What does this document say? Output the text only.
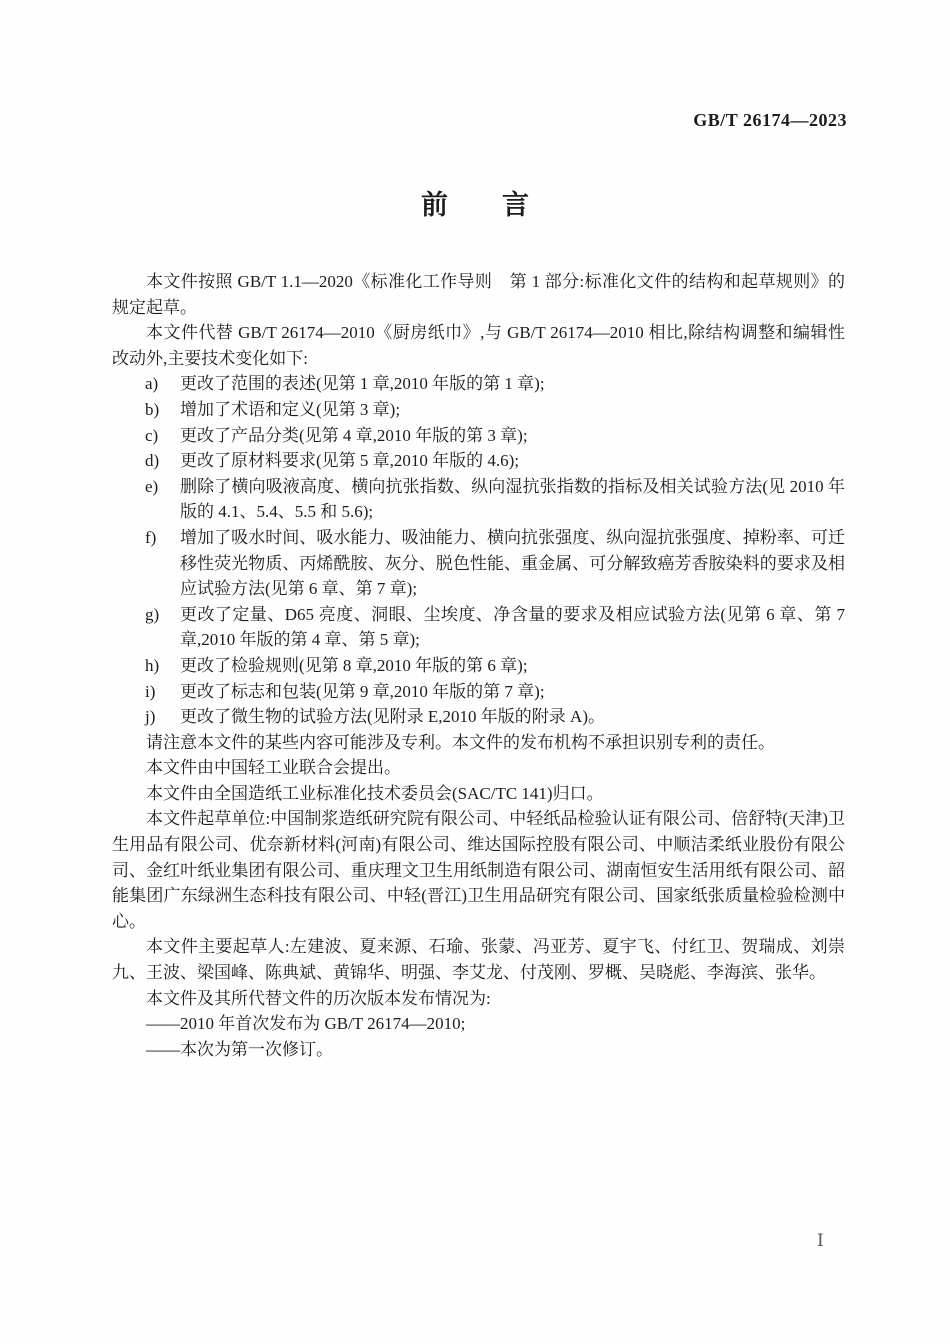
GB/T 26174—2023
前　　言

本文件按照 GB/T 1.1—2020《标准化工作导则　第 1 部分:标准化文件的结构和起草规则》的规定起草。

本文件代替 GB/T 26174—2010《厨房纸巾》,与 GB/T 26174—2010 相比,除结构调整和编辑性改动外,主要技术变化如下:

a)	更改了范围的表述(见第 1 章,2010 年版的第 1 章);
b)	增加了术语和定义(见第 3 章);
c)	更改了产品分类(见第 4 章,2010 年版的第 3 章);
d)	更改了原材料要求(见第 5 章,2010 年版的 4.6);
e)	删除了横向吸液高度、横向抗张指数、纵向湿抗张指数的指标及相关试验方法(见 2010 年版的 4.1、5.4、5.5 和 5.6);
f)	增加了吸水时间、吸水能力、吸油能力、横向抗张强度、纵向湿抗张强度、掉粉率、可迁移性荧光物质、丙烯酰胺、灰分、脱色性能、重金属、可分解致癌芳香胺染料的要求及相应试验方法(见第 6 章、第 7 章);
g)	更改了定量、D65 亮度、洞眼、尘埃度、净含量的要求及相应试验方法(见第 6 章、第 7 章,2010 年版的第 4 章、第 5 章);
h)	更改了检验规则(见第 8 章,2010 年版的第 6 章);
i)	更改了标志和包装(见第 9 章,2010 年版的第 7 章);
j)	更改了微生物的试验方法(见附录 E,2010 年版的附录 A)。

请注意本文件的某些内容可能涉及专利。本文件的发布机构不承担识别专利的责任。

本文件由中国轻工业联合会提出。

本文件由全国造纸工业标准化技术委员会(SAC/TC 141)归口。

本文件起草单位:中国制浆造纸研究院有限公司、中轻纸品检验认证有限公司、倍舒特(天津)卫生用品有限公司、优奈新材料(河南)有限公司、维达国际控股有限公司、中顺洁柔纸业股份有限公司、金红叶纸业集团有限公司、重庆理文卫生用纸制造有限公司、湖南恒安生活用纸有限公司、韶能集团广东绿洲生态科技有限公司、中轻(晋江)卫生用品研究有限公司、国家纸张质量检验检测中心。

本文件主要起草人:左建波、夏来源、石瑜、张蒙、冯亚芳、夏宇飞、付红卫、贺瑞成、刘崇九、王波、梁国峰、陈典斌、黄锦华、明强、李艾龙、付茂刚、罗概、吴晓彪、李海滨、张华。

本文件及其所代替文件的历次版本发布情况为:

——2010 年首次发布为 GB/T 26174—2010;

——本次为第一次修订。

Ⅰ
